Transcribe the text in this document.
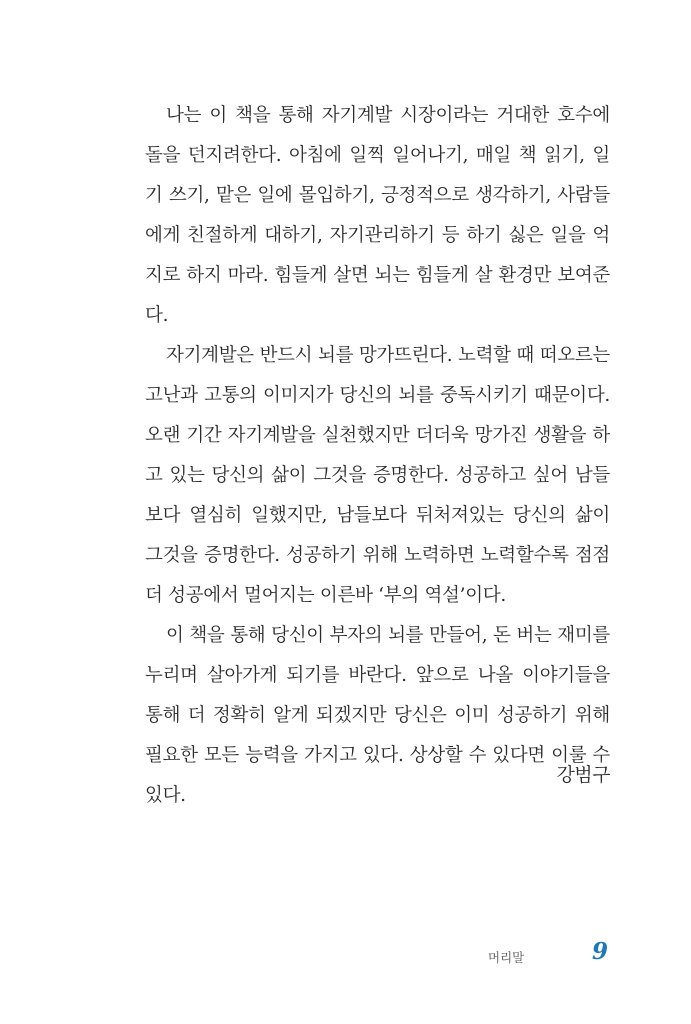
나는 이 책을 통해 자기계발 시장이라는 거대한 호수에 돌을 던지려한다. 아침에 일찍 일어나기, 매일 책 읽기, 일기 쓰기, 맡은 일에 몰입하기, 긍정적으로 생각하기, 사람들에게 친절하게 대하기, 자기관리하기 등 하기 싫은 일을 억지로 하지 마라. 힘들게 살면 뇌는 힘들게 살 환경만 보여준다.

자기계발은 반드시 뇌를 망가뜨린다. 노력할 때 떠오르는 고난과 고통의 이미지가 당신의 뇌를 중독시키기 때문이다. 오랜 기간 자기계발을 실천했지만 더더욱 망가진 생활을 하고 있는 당신의 삶이 그것을 증명한다. 성공하고 싶어 남들보다 열심히 일했지만, 남들보다 뒤처져있는 당신의 삶이 그것을 증명한다. 성공하기 위해 노력하면 노력할수록 점점 더 성공에서 멀어지는 이른바 ‘부의 역설’이다.

이 책을 통해 당신이 부자의 뇌를 만들어, 돈 버는 재미를 누리며 살아가게 되기를 바란다. 앞으로 나올 이야기들을 통해 더 정확히 알게 되겠지만 당신은 이미 성공하기 위해 필요한 모든 능력을 가지고 있다. 상상할 수 있다면 이룰 수 있다.

강범구
머리말	9
